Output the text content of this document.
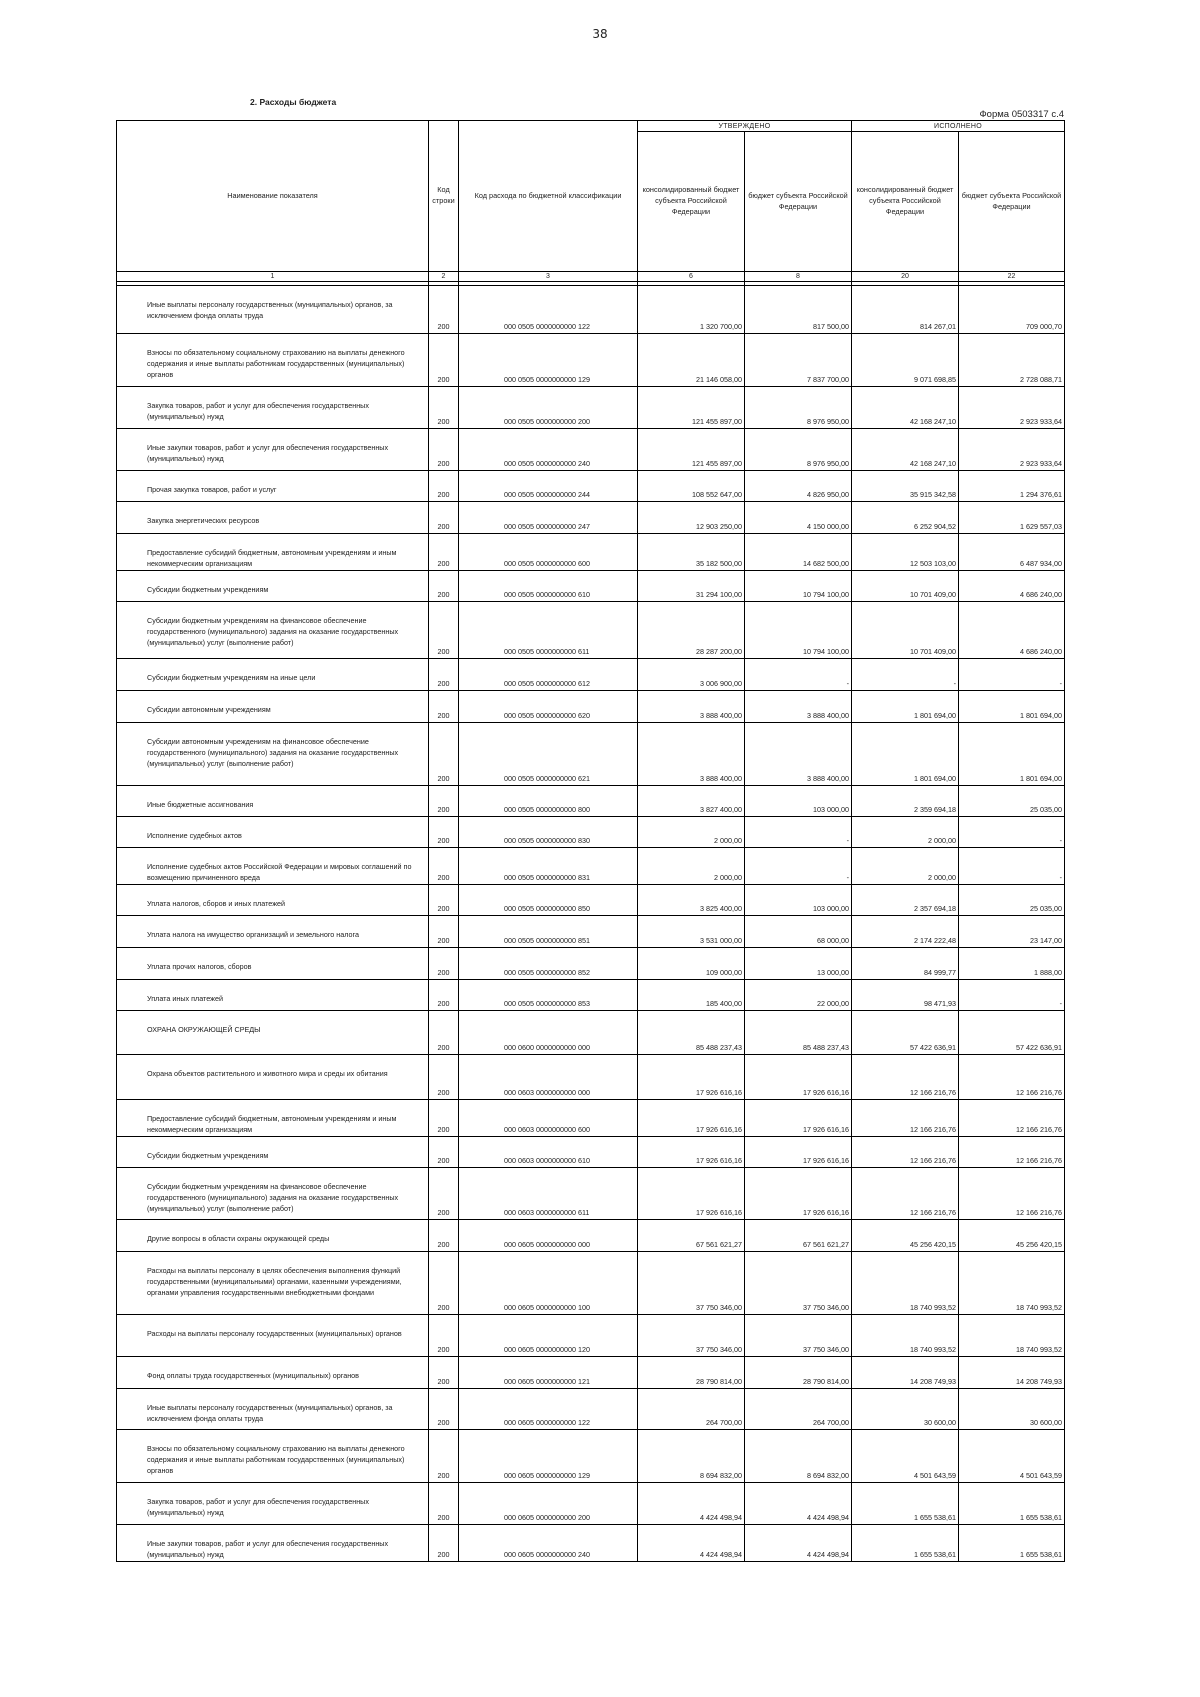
38
2. Расходы бюджета
Форма 0503317 с.4
Наименование показателя	Код строки	Код расхода по бюджетной классификации	УТВЕРЖДЕНО		ИСПОЛНЕНО	
			консолидированный бюджет субъекта Российской Федерации	бюджет субъекта Российской Федерации	консолидированный бюджет субъекта Российской Федерации	бюджет субъекта Российской Федерации
1	2	3	6	8	20	22

Иные выплаты персоналу государственных (муниципальных) органов, за исключением фонда оплаты труда	200	000 0505 0000000000 122	1 320 700,00	817 500,00	814 267,01	709 000,70
Взносы по обязательному социальному страхованию на выплаты денежного содержания и иные выплаты работникам государственных (муниципальных) органов	200	000 0505 0000000000 129	21 146 058,00	7 837 700,00	9 071 698,85	2 728 088,71
Закупка товаров, работ и услуг для обеспечения государственных (муниципальных) нужд	200	000 0505 0000000000 200	121 455 897,00	8 976 950,00	42 168 247,10	2 923 933,64
Иные закупки товаров, работ и услуг для обеспечения государственных (муниципальных) нужд	200	000 0505 0000000000 240	121 455 897,00	8 976 950,00	42 168 247,10	2 923 933,64
Прочая закупка товаров, работ и услуг	200	000 0505 0000000000 244	108 552 647,00	4 826 950,00	35 915 342,58	1 294 376,61
Закупка энергетических ресурсов	200	000 0505 0000000000 247	12 903 250,00	4 150 000,00	6 252 904,52	1 629 557,03
Предоставление субсидий бюджетным, автономным учреждениям и иным некоммерческим организациям	200	000 0505 0000000000 600	35 182 500,00	14 682 500,00	12 503 103,00	6 487 934,00
Субсидии бюджетным учреждениям	200	000 0505 0000000000 610	31 294 100,00	10 794 100,00	10 701 409,00	4 686 240,00
Субсидии бюджетным учреждениям на финансовое обеспечение государственного (муниципального) задания на оказание государственных (муниципальных) услуг (выполнение работ)	200	000 0505 0000000000 611	28 287 200,00	10 794 100,00	10 701 409,00	4 686 240,00
Субсидии бюджетным учреждениям на иные цели	200	000 0505 0000000000 612	3 006 900,00	-	-	-
Субсидии автономным учреждениям	200	000 0505 0000000000 620	3 888 400,00	3 888 400,00	1 801 694,00	1 801 694,00
Субсидии автономным учреждениям на финансовое обеспечение государственного (муниципального) задания на оказание государственных (муниципальных) услуг (выполнение работ)	200	000 0505 0000000000 621	3 888 400,00	3 888 400,00	1 801 694,00	1 801 694,00
Иные бюджетные ассигнования	200	000 0505 0000000000 800	3 827 400,00	103 000,00	2 359 694,18	25 035,00
Исполнение судебных актов	200	000 0505 0000000000 830	2 000,00	-	2 000,00	-
Исполнение судебных актов Российской Федерации и мировых соглашений по возмещению причиненного вреда	200	000 0505 0000000000 831	2 000,00	-	2 000,00	-
Уплата налогов, сборов и иных платежей	200	000 0505 0000000000 850	3 825 400,00	103 000,00	2 357 694,18	25 035,00
Уплата налога на имущество организаций и земельного налога	200	000 0505 0000000000 851	3 531 000,00	68 000,00	2 174 222,48	23 147,00
Уплата прочих налогов, сборов	200	000 0505 0000000000 852	109 000,00	13 000,00	84 999,77	1 888,00
Уплата иных платежей	200	000 0505 0000000000 853	185 400,00	22 000,00	98 471,93	-
ОХРАНА ОКРУЖАЮЩЕЙ СРЕДЫ	200	000 0600 0000000000 000	85 488 237,43	85 488 237,43	57 422 636,91	57 422 636,91
Охрана объектов растительного и животного мира и среды их обитания	200	000 0603 0000000000 000	17 926 616,16	17 926 616,16	12 166 216,76	12 166 216,76
Предоставление субсидий бюджетным, автономным учреждениям и иным некоммерческим организациям	200	000 0603 0000000000 600	17 926 616,16	17 926 616,16	12 166 216,76	12 166 216,76
Субсидии бюджетным учреждениям	200	000 0603 0000000000 610	17 926 616,16	17 926 616,16	12 166 216,76	12 166 216,76
Субсидии бюджетным учреждениям на финансовое обеспечение государственного (муниципального) задания на оказание государственных (муниципальных) услуг (выполнение работ)	200	000 0603 0000000000 611	17 926 616,16	17 926 616,16	12 166 216,76	12 166 216,76
Другие вопросы в области охраны окружающей среды	200	000 0605 0000000000 000	67 561 621,27	67 561 621,27	45 256 420,15	45 256 420,15
Расходы на выплаты персоналу в целях обеспечения выполнения функций государственными (муниципальными) органами, казенными учреждениями, органами управления государственными внебюджетными фондами	200	000 0605 0000000000 100	37 750 346,00	37 750 346,00	18 740 993,52	18 740 993,52
Расходы на выплаты персоналу государственных (муниципальных) органов	200	000 0605 0000000000 120	37 750 346,00	37 750 346,00	18 740 993,52	18 740 993,52
Фонд оплаты труда государственных (муниципальных) органов	200	000 0605 0000000000 121	28 790 814,00	28 790 814,00	14 208 749,93	14 208 749,93
Иные выплаты персоналу государственных (муниципальных) органов, за исключением фонда оплаты труда	200	000 0605 0000000000 122	264 700,00	264 700,00	30 600,00	30 600,00
Взносы по обязательному социальному страхованию на выплаты денежного содержания и иные выплаты работникам государственных (муниципальных) органов	200	000 0605 0000000000 129	8 694 832,00	8 694 832,00	4 501 643,59	4 501 643,59
Закупка товаров, работ и услуг для обеспечения государственных (муниципальных) нужд	200	000 0605 0000000000 200	4 424 498,94	4 424 498,94	1 655 538,61	1 655 538,61
Иные закупки товаров, работ и услуг для обеспечения государственных (муниципальных) нужд	200	000 0605 0000000000 240	4 424 498,94	4 424 498,94	1 655 538,61	1 655 538,61
